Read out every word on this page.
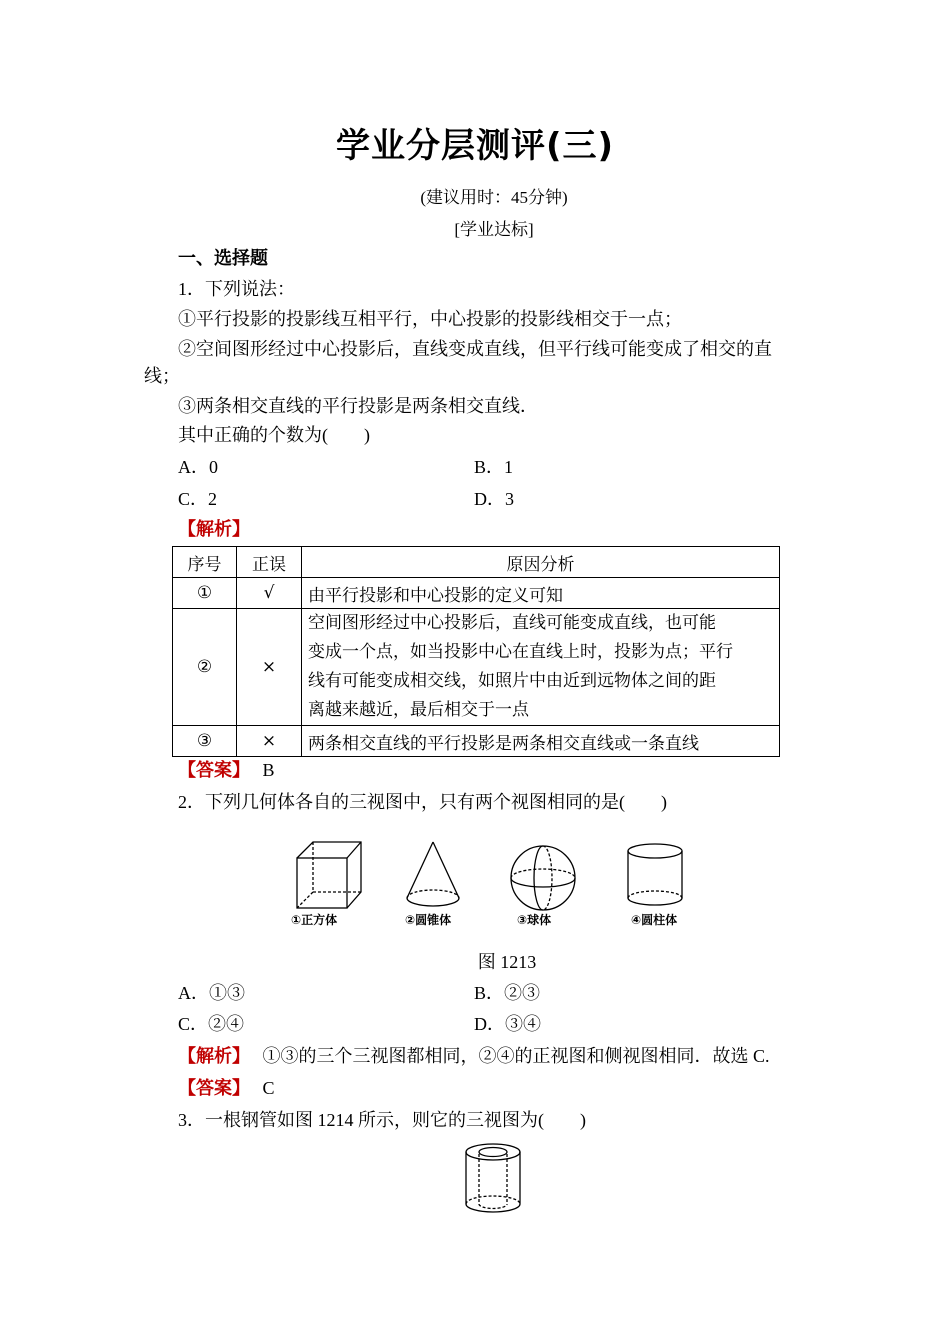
学业分层测评(三)
(建议用时：45分钟)
[学业达标]
一、选择题
1．下列说法：
①平行投影的投影线互相平行，中心投影的投影线相交于一点；
②空间图形经过中心投影后，直线变成直线，但平行线可能变成了相交的直
线；
③两条相交直线的平行投影是两条相交直线．
其中正确的个数为(　　)
A．0	B．1
C．2	D．3
【解析】
序号	正误	原因分析
①	√	由平行投影和中心投影的定义可知
②	×	空间图形经过中心投影后，直线可能变成直线，也可能
变成一个点，如当投影中心在直线上时，投影为点；平行
线有可能变成相交线，如照片中由近到远物体之间的距
离越来越近，最后相交于一点

③	×	两条相交直线的平行投影是两条相交直线或一条直线
【答案】 B
2．下列几何体各自的三视图中，只有两个视图相同的是(　　)
①正方体	②圆锥体	③球体	④圆柱体
图 1213
A．①③	B．②③
C．②④	D．③④
【解析】 ①③的三个三视图都相同，②④的正视图和侧视图相同．故选 C.
【答案】 C
3．一根钢管如图 1214 所示，则它的三视图为(　　)
